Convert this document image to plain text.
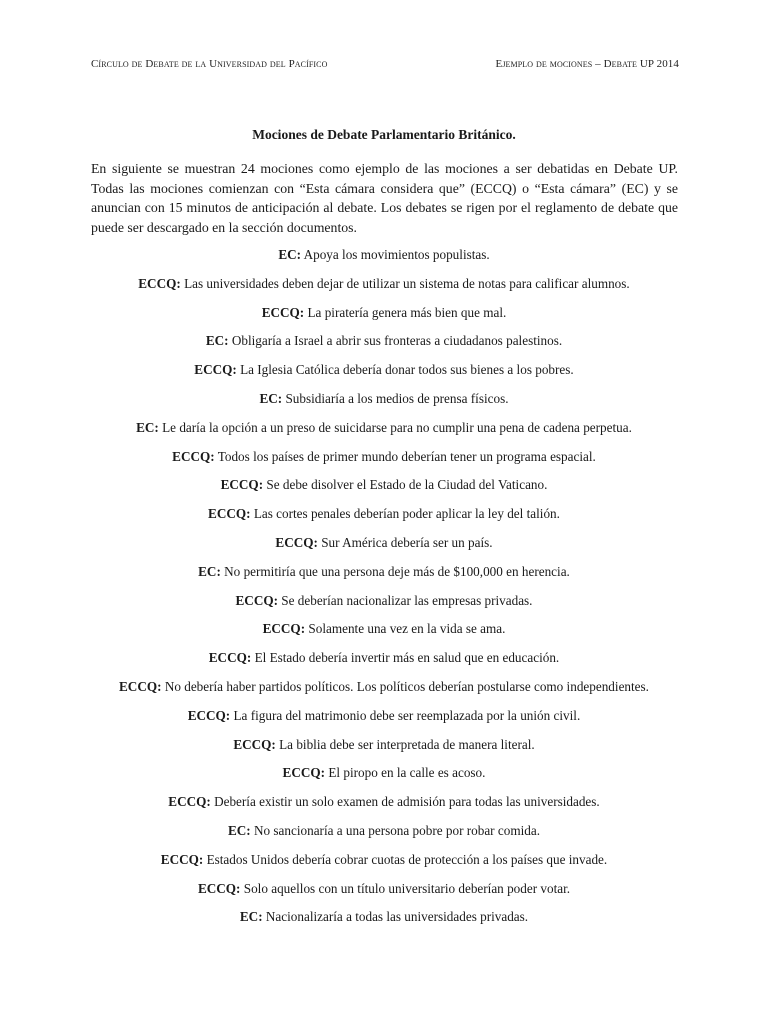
Círculo de Debate de la Universidad del Pacífico	Ejemplo de mociones – Debate UP 2014
Mociones de Debate Parlamentario Británico.

En siguiente se muestran 24 mociones como ejemplo de las mociones a ser debatidas en Debate UP. Todas las mociones comienzan con “Esta cámara considera que” (ECCQ) o “Esta cámara” (EC) y se anuncian con 15 minutos de anticipación al debate. Los debates se rigen por el reglamento de debate que puede ser descargado en la sección documentos.

EC: Apoya los movimientos populistas.
ECCQ: Las universidades deben dejar de utilizar un sistema de notas para calificar alumnos.
ECCQ: La piratería genera más bien que mal.
EC: Obligaría a Israel a abrir sus fronteras a ciudadanos palestinos.
ECCQ: La Iglesia Católica debería donar todos sus bienes a los pobres.
EC: Subsidiaría a los medios de prensa físicos.
EC: Le daría la opción a un preso de suicidarse para no cumplir una pena de cadena perpetua.
ECCQ: Todos los países de primer mundo deberían tener un programa espacial.
ECCQ: Se debe disolver el Estado de la Ciudad del Vaticano.
ECCQ: Las cortes penales deberían poder aplicar la ley del talión.
ECCQ: Sur América debería ser un país.
EC: No permitiría que una persona deje más de $100,000 en herencia.
ECCQ: Se deberían nacionalizar las empresas privadas.
ECCQ: Solamente una vez en la vida se ama.
ECCQ: El Estado debería invertir más en salud que en educación.
ECCQ: No debería haber partidos políticos. Los políticos deberían postularse como independientes.
ECCQ: La figura del matrimonio debe ser reemplazada por la unión civil.
ECCQ: La biblia debe ser interpretada de manera literal.
ECCQ: El piropo en la calle es acoso.
ECCQ: Debería existir un solo examen de admisión para todas las universidades.
EC: No sancionaría a una persona pobre por robar comida.
ECCQ: Estados Unidos debería cobrar cuotas de protección a los países que invade.
ECCQ: Solo aquellos con un título universitario deberían poder votar.
EC: Nacionalizaría a todas las universidades privadas.
